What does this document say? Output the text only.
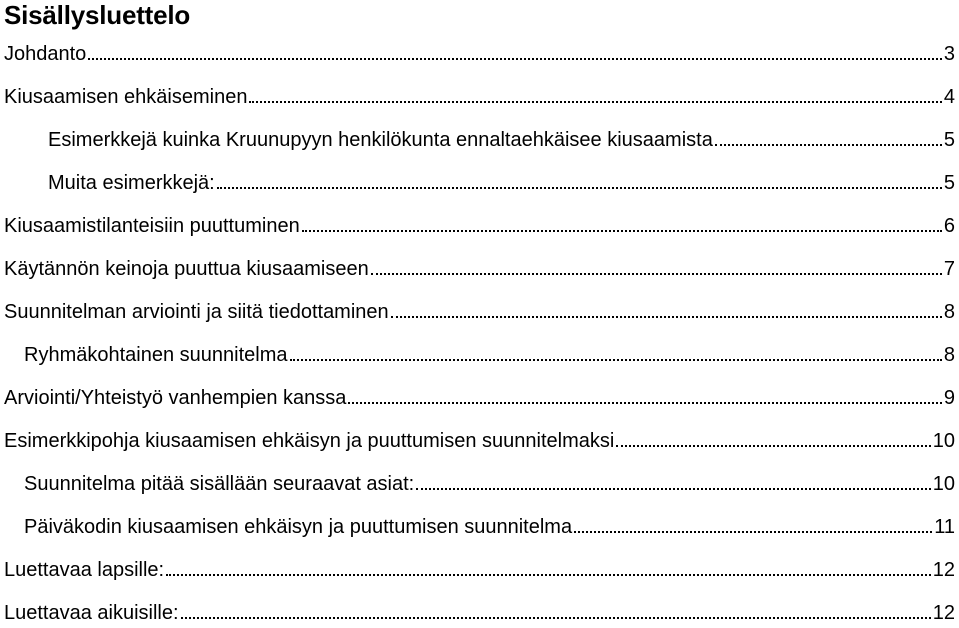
Sisällysluettelo
Johdanto	3
Kiusaamisen ehkäiseminen	4
Esimerkkejä kuinka Kruunupyyn henkilökunta ennaltaehkäisee kiusaamista	5
Muita esimerkkejä:	5
Kiusaamistilanteisiin puuttuminen	6
Käytännön keinoja puuttua kiusaamiseen	7
Suunnitelman arviointi ja siitä tiedottaminen	8
Ryhmäkohtainen suunnitelma	8
Arviointi/Yhteistyö vanhempien kanssa	9
Esimerkkipohja kiusaamisen ehkäisyn ja puuttumisen suunnitelmaksi	10
Suunnitelma pitää sisällään seuraavat asiat:	10
Päiväkodin kiusaamisen ehkäisyn ja puuttumisen suunnitelma	11
Luettavaa lapsille:	12
Luettavaa aikuisille:	12
